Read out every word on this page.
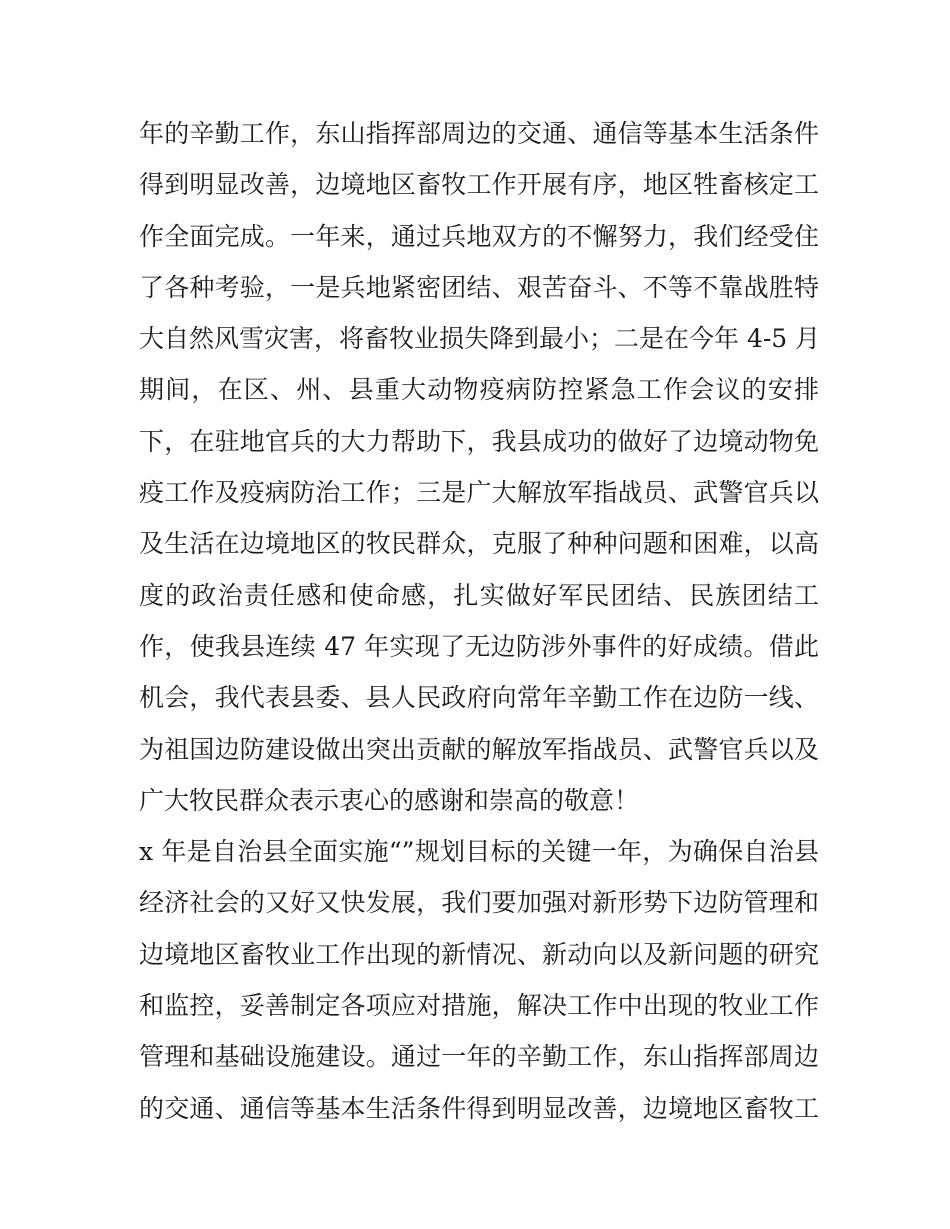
年的辛勤工作，东山指挥部周边的交通、通信等基本生活条件
得到明显改善，边境地区畜牧工作开展有序，地区牲畜核定工
作全面完成。一年来，通过兵地双方的不懈努力，我们经受住
了各种考验，一是兵地紧密团结、艰苦奋斗、不等不靠战胜特
大自然风雪灾害，将畜牧业损失降到最小；二是在今年 4-5 月
期间，在区、州、县重大动物疫病防控紧急工作会议的安排
下，在驻地官兵的大力帮助下，我县成功的做好了边境动物免
疫工作及疫病防治工作；三是广大解放军指战员、武警官兵以
及生活在边境地区的牧民群众，克服了种种问题和困难，以高
度的政治责任感和使命感，扎实做好军民团结、民族团结工
作，使我县连续 47 年实现了无边防涉外事件的好成绩。借此
机会，我代表县委、县人民政府向常年辛勤工作在边防一线、
为祖国边防建设做出突出贡献的解放军指战员、武警官兵以及
广大牧民群众表示衷心的感谢和崇高的敬意！
x 年是自治县全面实施“”规划目标的关键一年，为确保自治县
经济社会的又好又快发展，我们要加强对新形势下边防管理和
边境地区畜牧业工作出现的新情况、新动向以及新问题的研究
和监控，妥善制定各项应对措施，解决工作中出现的牧业工作
管理和基础设施建设。通过一年的辛勤工作，东山指挥部周边
的交通、通信等基本生活条件得到明显改善，边境地区畜牧工
